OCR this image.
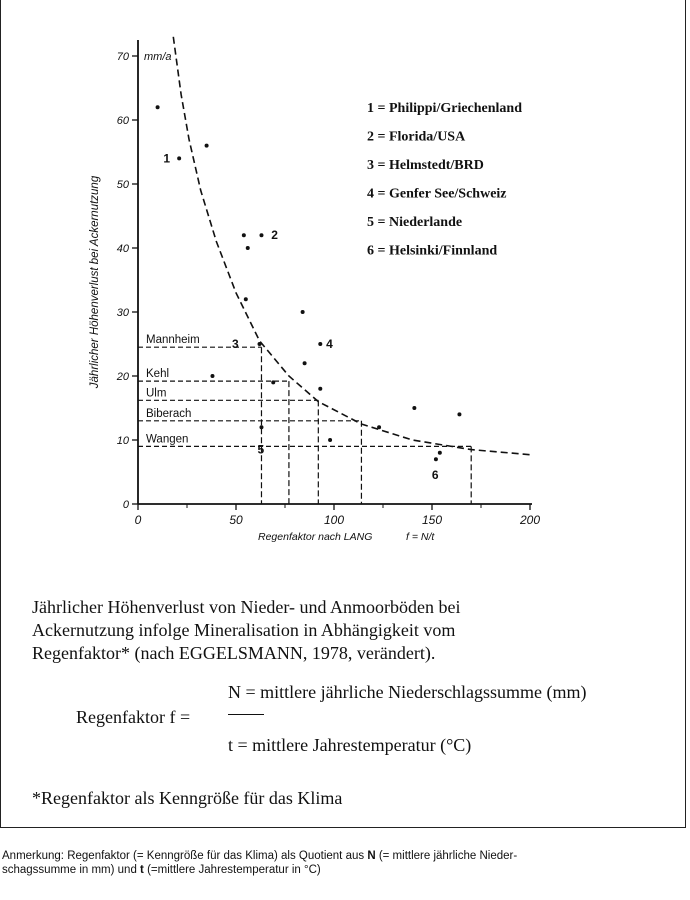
0
10
20
30
40
50
60
70
0	50	100	150	200
mm/a
Jährlicher Höhenverlust bei Ackernutzung
Regenfaktor nach LANG	f = N/t
Mannheim
Kehl
Ulm
Biberach
Wangen
1
2
3	4
5
6
1 = Philippi/Griechenland
2 = Florida/USA
3 = Helmstedt/BRD
4 = Genfer See/Schweiz
5 = Niederlande
6 = Helsinki/Finnland
Jährlicher Höhenverlust von Nieder- und Anmoorböden bei
Ackernutzung infolge Mineralisation in Abhängigkeit vom
Regenfaktor* (nach EGGELSMANN, 1978, verändert).
Regenfaktor f =
N = mittlere jährliche Niederschlagssumme (mm)
t = mittlere Jahrestemperatur (°C)
*Regenfaktor als Kenngröße für das Klima
Anmerkung: Regenfaktor (= Kenngröße für das Klima) als Quotient aus N (= mittlere jährliche Nieder-
schagssumme in mm) und t (=mittlere Jahrestemperatur in °C)
